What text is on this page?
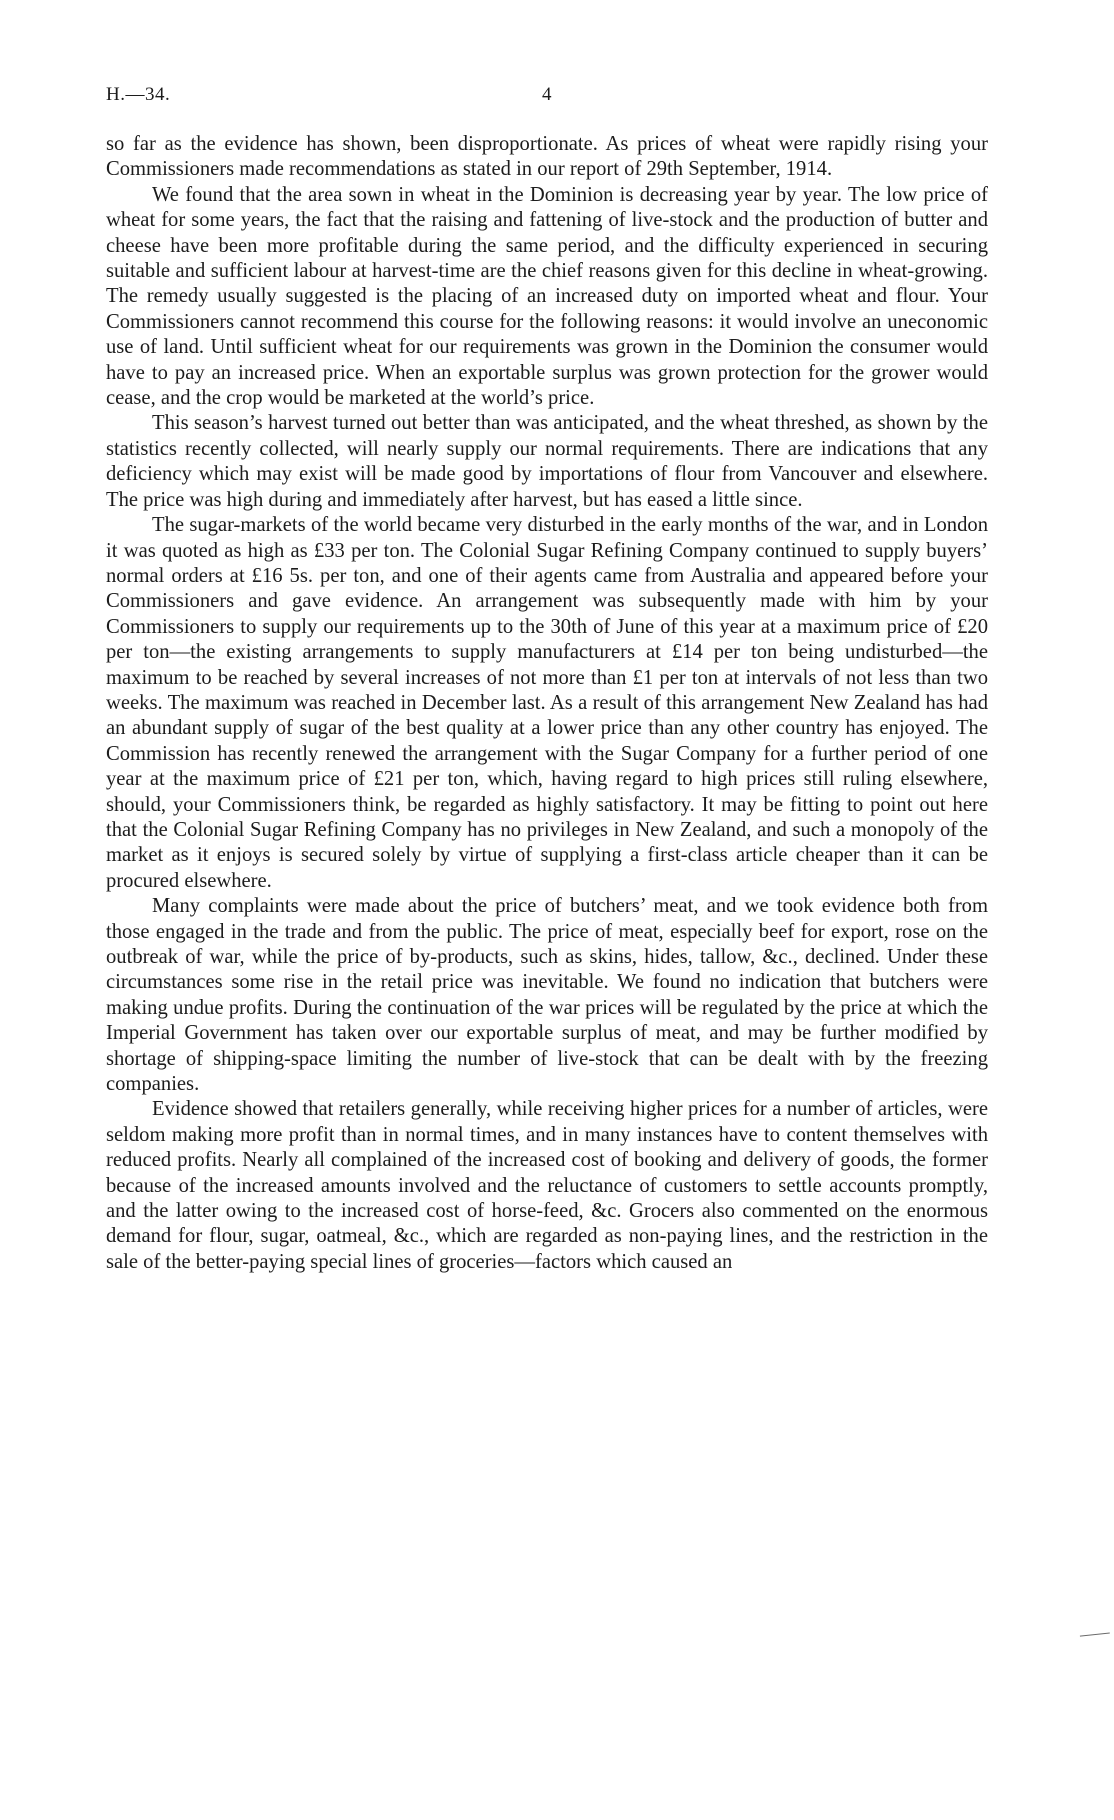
H.—34.	4

so far as the evidence has shown, been disproportionate. As prices of wheat were rapidly rising your Commissioners made recommendations as stated in our report of 29th September, 1914.

We found that the area sown in wheat in the Dominion is decreasing year by year. The low price of wheat for some years, the fact that the raising and fattening of live-stock and the production of butter and cheese have been more profitable during the same period, and the difficulty experienced in securing suitable and sufficient labour at harvest-time are the chief reasons given for this decline in wheat-growing. The remedy usually suggested is the placing of an increased duty on imported wheat and flour. Your Commissioners cannot recommend this course for the following reasons: it would involve an uneconomic use of land. Until sufficient wheat for our requirements was grown in the Dominion the consumer would have to pay an increased price. When an exportable surplus was grown protection for the grower would cease, and the crop would be marketed at the world’s price.

This season’s harvest turned out better than was anticipated, and the wheat threshed, as shown by the statistics recently collected, will nearly supply our normal requirements. There are indications that any deficiency which may exist will be made good by importations of flour from Vancouver and elsewhere. The price was high during and immediately after harvest, but has eased a little since.

The sugar-markets of the world became very disturbed in the early months of the war, and in London it was quoted as high as £33 per ton. The Colonial Sugar Refining Company continued to supply buyers’ normal orders at £16 5s. per ton, and one of their agents came from Australia and appeared before your Commissioners and gave evidence. An arrangement was subsequently made with him by your Commissioners to supply our requirements up to the 30th of June of this year at a maximum price of £20 per ton—the existing arrangements to supply manufacturers at £14 per ton being undisturbed—the maximum to be reached by several increases of not more than £1 per ton at intervals of not less than two weeks. The maximum was reached in December last. As a result of this arrangement New Zealand has had an abundant supply of sugar of the best quality at a lower price than any other country has enjoyed. The Commission has recently renewed the arrangement with the Sugar Company for a further period of one year at the maximum price of £21 per ton, which, having regard to high prices still ruling elsewhere, should, your Commissioners think, be regarded as highly satisfactory. It may be fitting to point out here that the Colonial Sugar Refining Company has no privileges in New Zealand, and such a monopoly of the market as it enjoys is secured solely by virtue of supplying a first-class article cheaper than it can be procured elsewhere.

Many complaints were made about the price of butchers’ meat, and we took evidence both from those engaged in the trade and from the public. The price of meat, especially beef for export, rose on the outbreak of war, while the price of by-products, such as skins, hides, tallow, &c., declined. Under these circumstances some rise in the retail price was inevitable. We found no indication that butchers were making undue profits. During the continuation of the war prices will be regulated by the price at which the Imperial Government has taken over our exportable surplus of meat, and may be further modified by shortage of shipping-space limiting the number of live-stock that can be dealt with by the freezing companies.

Evidence showed that retailers generally, while receiving higher prices for a number of articles, were seldom making more profit than in normal times, and in many instances have to content themselves with reduced profits. Nearly all complained of the increased cost of booking and delivery of goods, the former because of the increased amounts involved and the reluctance of customers to settle accounts promptly, and the latter owing to the increased cost of horse-feed, &c. Grocers also commented on the enormous demand for flour, sugar, oatmeal, &c., which are regarded as non-paying lines, and the restriction in the sale of the better-paying special lines of groceries—factors which caused an
